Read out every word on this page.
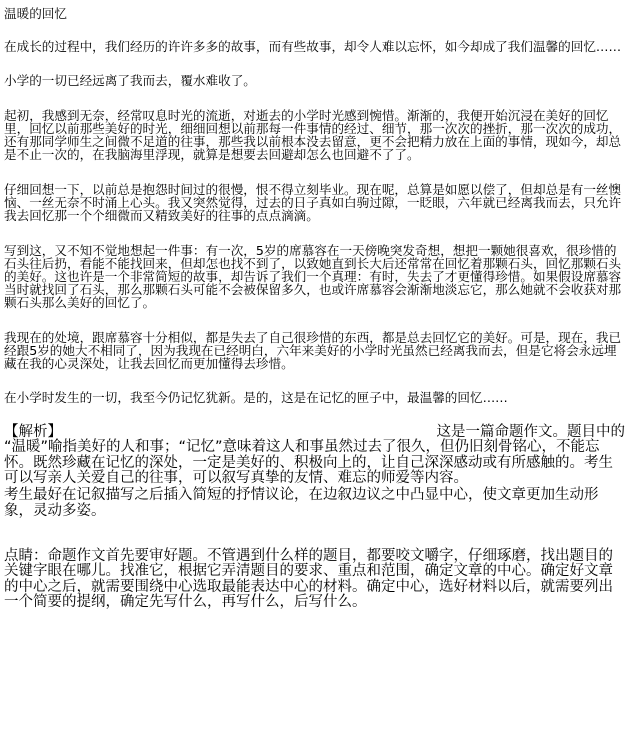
温暖的回忆

在成长的过程中，我们经历的许许多多的故事，而有些故事，却令人难以忘怀，如今却成了我们温馨的回忆……

小学的一切已经远离了我而去，覆水难收了。

起初，我感到无奈，经常叹息时光的流逝，对逝去的小学时光感到惋惜。渐渐的，我便开始沉浸在美好的回忆里，回忆以前那些美好的时光，细细回想以前那每一件事情的经过、细节，那一次次的挫折，那一次次的成功，还有那同学师生之间微不足道的往事，那些我以前根本没去留意，更不会把精力放在上面的事情，现如今，却总是不止一次的，在我脑海里浮现，就算是想要去回避却怎么也回避不了了。

仔细回想一下，以前总是抱怨时间过的很慢，恨不得立刻毕业。现在呢，总算是如愿以偿了，但却总是有一丝懊恼、一丝无奈不时涌上心头。我又突然觉得，过去的日子真如白驹过隙，一眨眼，六年就已经离我而去，只允许我去回忆那一个个细微而又精致美好的往事的点点滴滴。

写到这，又不知不觉地想起一件事：有一次，5岁的席慕容在一天傍晚突发奇想，想把一颗她很喜欢，很珍惜的石头往后扔，看能不能找回来，但却怎也找不到了，以致她直到长大后还常常在回忆着那颗石头，回忆那颗石头的美好。这也许是一个非常简短的故事，却告诉了我们一个真理：有时，失去了才更懂得珍惜。如果假设席慕容当时就找回了石头，那么那颗石头可能不会被保留多久，也或许席慕容会渐渐地淡忘它，那么她就不会收获对那颗石头那么美好的回忆了。

我现在的处境，跟席慕容十分相似，都是失去了自己很珍惜的东西，都是总去回忆它的美好。可是，现在，我已经跟5岁的她大不相同了，因为我现在已经明白，六年来美好的小学时光虽然已经离我而去，但是它将会永远埋藏在我的心灵深处，让我去回忆而更加懂得去珍惜。

在小学时发生的一切，我至今仍记忆犹新。是的，这是在记忆的匣子中，最温馨的回忆……

【解析】	这是一篇命题作文。题目中的

“温暖”喻指美好的人和事；“记忆”意味着这人和事虽然过去了很久，但仍旧刻骨铭心，不能忘怀。既然珍藏在记忆的深处，一定是美好的、积极向上的，让自己深深感动或有所感触的。考生可以写亲人关爱自己的往事，可以叙写真挚的友情、难忘的师爱等内容。

考生最好在记叙描写之后插入简短的抒情议论，在边叙边议之中凸显中心，使文章更加生动形象，灵动多姿。

点睛：命题作文首先要审好题。不管遇到什么样的题目，都要咬文嚼字，仔细琢磨，找出题目的关键字眼在哪儿。找准它，根据它弄清题目的要求、重点和范围，确定文章的中心。确定好文章的中心之后，就需要围绕中心选取最能表达中心的材料。确定中心，选好材料以后，就需要列出一个简要的提纲，确定先写什么，再写什么，后写什么。
